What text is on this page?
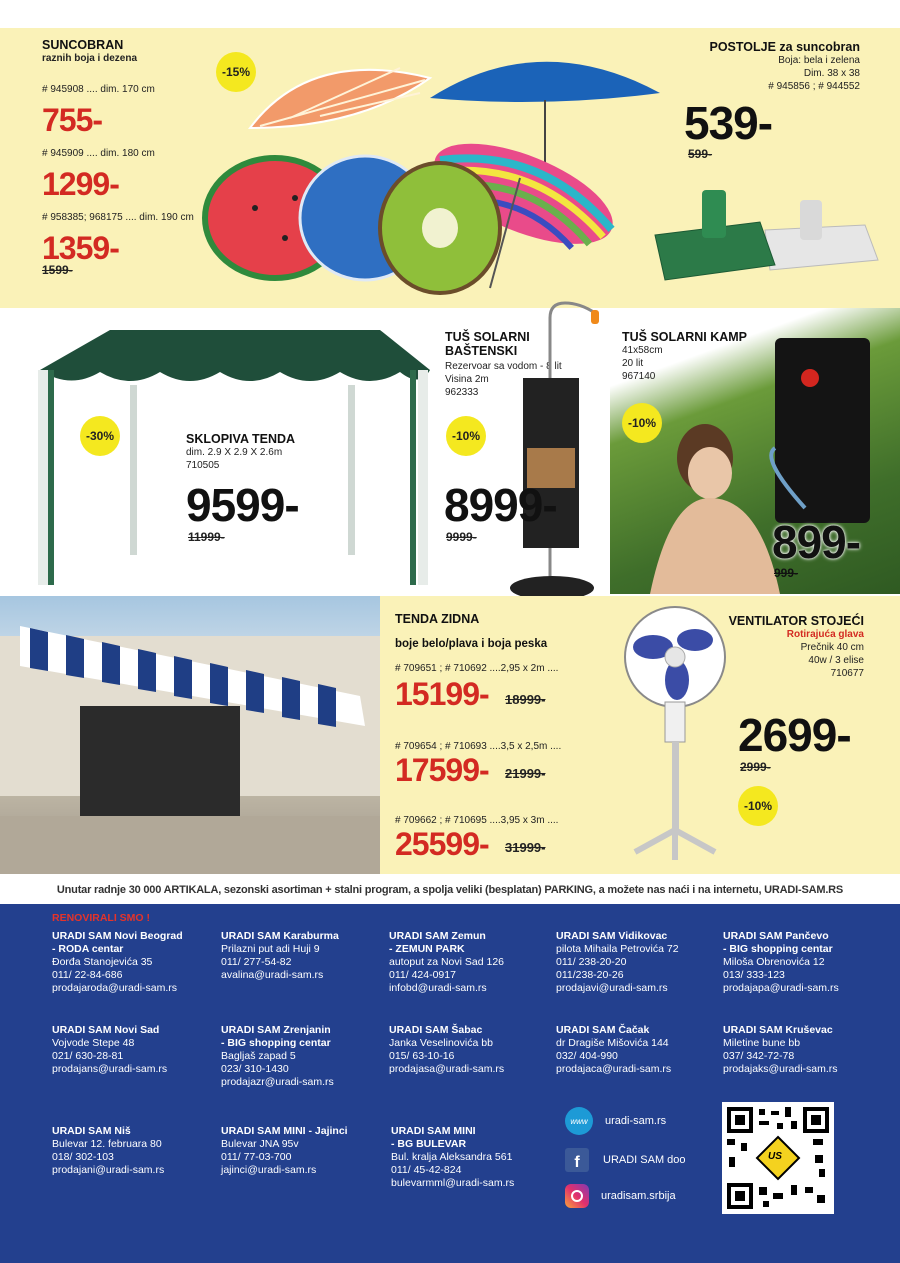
SUNCOBRAN
raznih boja i dezena
# 945908 .... dim. 170 cm
755-
# 945909 .... dim. 180 cm
1299-
# 958385; 968175 .... dim. 190 cm
1359-
1599-
-15%
POSTOLJE za suncobran
Boja: bela i zelena
Dim. 38 x 38
# 945856 ; # 944552
539-
599-
-30%	SKLOPIVA TENDA
dim. 2.9 X 2.9 X 2.6m
710505
9599-
11999-
TUŠ SOLARNI
BAŠTENSKI
Rezervoar sa vodom - 8 lit
Visina 2m
962333
-10%
8999-
9999-
TUŠ SOLARNI KAMP
41x58cm
20 lit
967140
-10%
899-
999-
TENDA ZIDNA
boje belo/plava i boja peska
# 709651 ; # 710692 ....2,95 x 2m ....
15199- 18999-
# 709654 ; # 710693 ....3,5 x 2,5m ....
17599- 21999-
# 709662 ; # 710695 ....3,95 x 3m ....
25599- 31999-
VENTILATOR STOJEĆI
Rotirajuća glava
Prečnik 40 cm
40w / 3 elise
710677
2699-
2999-
-10%
Unutar radnje 30 000 ARTIKALA, sezonski asortiman + stalni program, a spolja veliki (besplatan) PARKING, a možete nas naći i na internetu, URADI-SAM.RS
RENOVIRALI SMO !
URADI SAM Novi Beograd
- RODA centar
Đorđa Stanojevića 35
011/ 22-84-686
prodajaroda@uradi-sam.rs
URADI SAM Karaburma
Prilazni put adi Huji 9
011/ 277-54-82
avalina@uradi-sam.rs
URADI SAM Zemun
- ZEMUN PARK
autoput za Novi Sad 126
011/ 424-0917
infobd@uradi-sam.rs
URADI SAM Vidikovac
pilota Mihaila Petrovića 72
011/ 238-20-20
011/238-20-26
prodajavi@uradi-sam.rs
URADI SAM Pančevo
- BIG shopping centar
Miloša Obrenovića 12
013/ 333-123
prodajapa@uradi-sam.rs
URADI SAM Novi Sad
Vojvode Stepe 48
021/ 630-28-81
prodajans@uradi-sam.rs
URADI SAM Zrenjanin
- BIG shopping centar
Bagljaš zapad 5
023/ 310-1430
prodajazr@uradi-sam.rs
URADI SAM Šabac
Janka Veselinovića bb
015/ 63-10-16
prodajasa@uradi-sam.rs
URADI SAM Čačak
dr Dragiše Mišovića 144
032/ 404-990
prodajaca@uradi-sam.rs
URADI SAM Kruševac
Miletine bune bb
037/ 342-72-78
prodajaks@uradi-sam.rs
URADI SAM Niš
Bulevar 12. februara 80
018/ 302-103
prodajani@uradi-sam.rs
URADI SAM MINI - Jajinci
Bulevar JNA 95v
011/ 77-03-700
jajinci@uradi-sam.rs
URADI SAM MINI
- BG BULEVAR
Bul. kralja Aleksandra 561
011/ 45-42-824
bulevarmml@uradi-sam.rs
www	uradi-sam.rs
f	URADI SAM doo
uradisam.srbija
US
